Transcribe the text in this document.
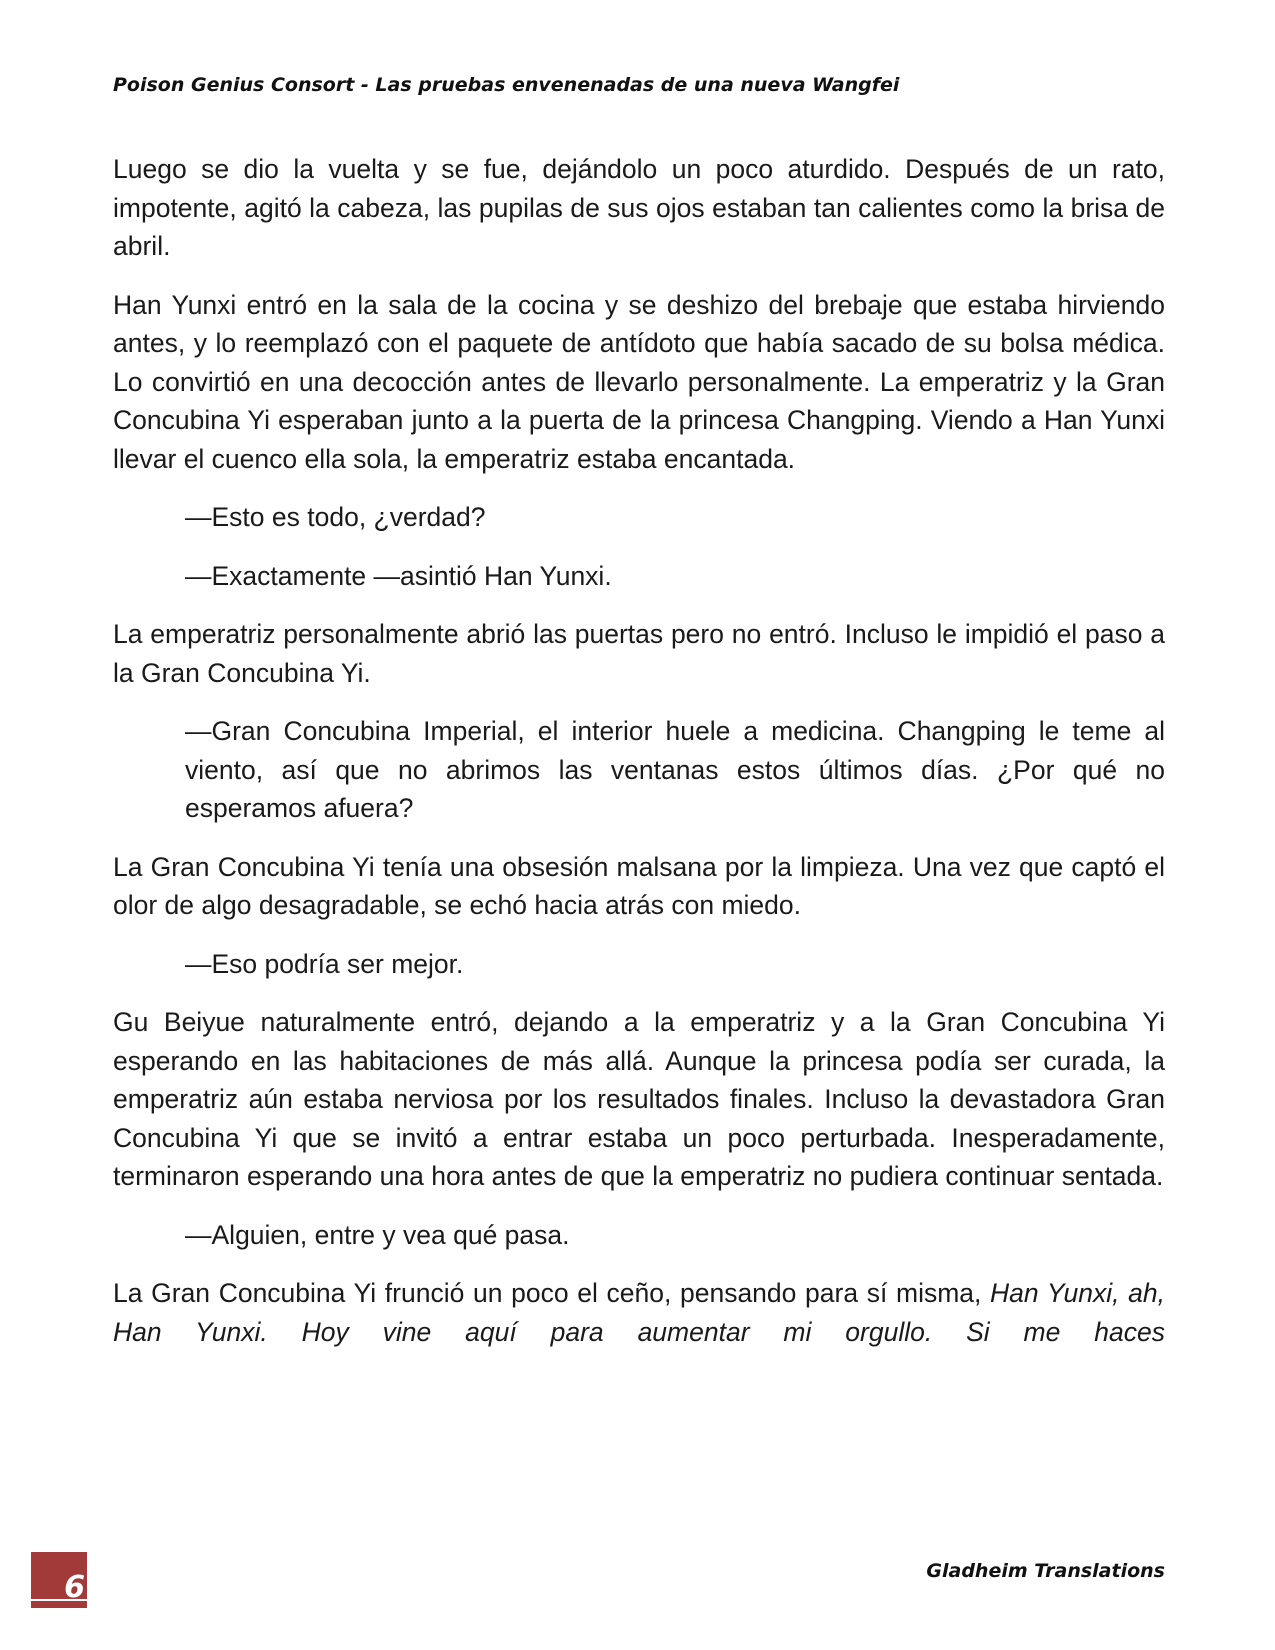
Poison Genius Consort - Las pruebas envenenadas de una nueva Wangfei

Luego se dio la vuelta y se fue, dejándolo un poco aturdido. Después de un rato, impotente, agitó la cabeza, las pupilas de sus ojos estaban tan calientes como la brisa de abril.

Han Yunxi entró en la sala de la cocina y se deshizo del brebaje que estaba hirviendo antes, y lo reemplazó con el paquete de antídoto que había sacado de su bolsa médica. Lo convirtió en una decocción antes de llevarlo personalmente. La emperatriz y la Gran Concubina Yi esperaban junto a la puerta de la princesa Changping. Viendo a Han Yunxi llevar el cuenco ella sola, la emperatriz estaba encantada.

—Esto es todo, ¿verdad?

—Exactamente —asintió Han Yunxi.

La emperatriz personalmente abrió las puertas pero no entró. Incluso le impidió el paso a la Gran Concubina Yi.

—Gran Concubina Imperial, el interior huele a medicina. Changping le teme al viento, así que no abrimos las ventanas estos últimos días. ¿Por qué no esperamos afuera?

La Gran Concubina Yi tenía una obsesión malsana por la limpieza. Una vez que captó el olor de algo desagradable, se echó hacia atrás con miedo.

—Eso podría ser mejor.

Gu Beiyue naturalmente entró, dejando a la emperatriz y a la Gran Concubina Yi esperando en las habitaciones de más allá. Aunque la princesa podía ser curada, la emperatriz aún estaba nerviosa por los resultados finales. Incluso la devastadora Gran Concubina Yi que se invitó a entrar estaba un poco perturbada. Inesperadamente, terminaron esperando una hora antes de que la emperatriz no pudiera continuar sentada.

—Alguien, entre y vea qué pasa.

La Gran Concubina Yi frunció un poco el ceño, pensando para sí misma, Han Yunxi, ah, Han Yunxi. Hoy vine aquí para aumentar mi orgullo. Si me haces

6	Gladheim Translations
